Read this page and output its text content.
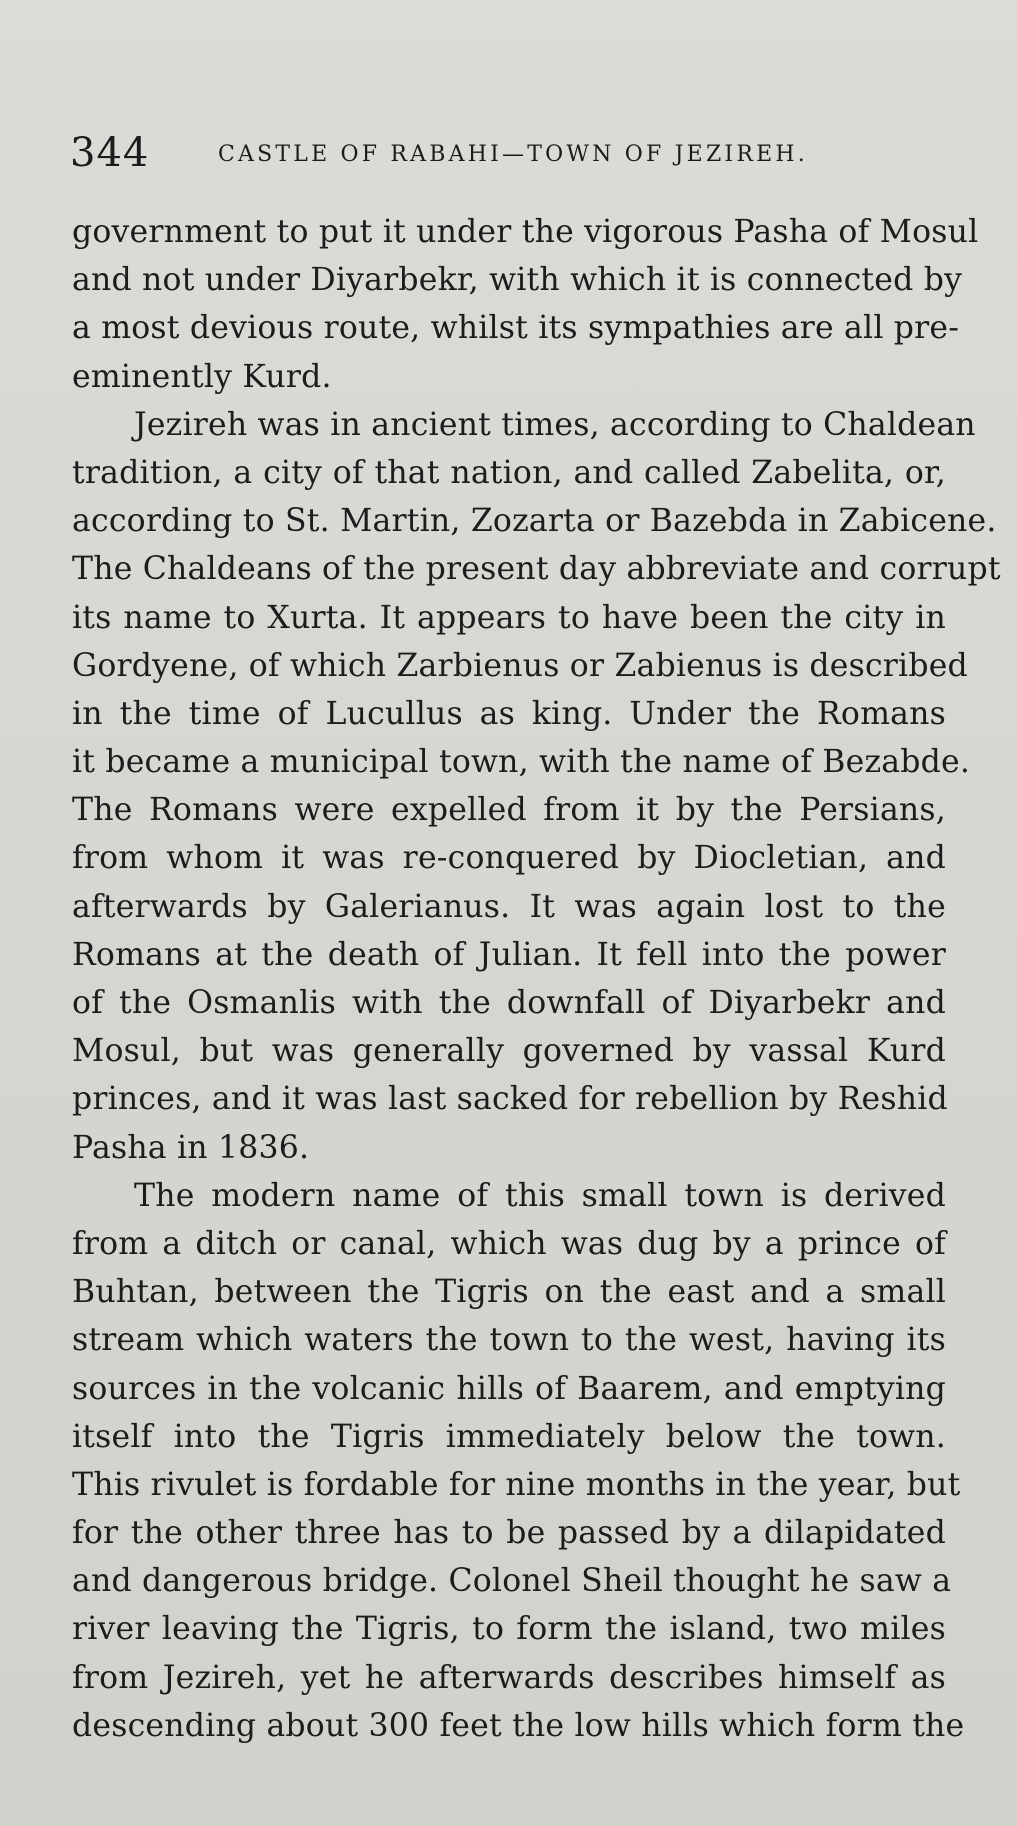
344	CASTLE OF RABAHI—TOWN OF JEZIREH.
government to put it under the vigorous Pasha of Mosul
and not under Diyarbekr, with which it is connected by
a most devious route, whilst its sympathies are all pre-
eminently Kurd.
Jezireh was in ancient times, according to Chaldean
tradition, a city of that nation, and called Zabelita, or,
according to St. Martin, Zozarta or Bazebda in Zabicene.
The Chaldeans of the present day abbreviate and corrupt
its name to Xurta. It appears to have been the city in
Gordyene, of which Zarbienus or Zabienus is described
in the time of Lucullus as king. Under the Romans
it became a municipal town, with the name of Bezabde.
The Romans were expelled from it by the Persians,
from whom it was re-conquered by Diocletian, and
afterwards by Galerianus. It was again lost to the
Romans at the death of Julian. It fell into the power
of the Osmanlis with the downfall of Diyarbekr and
Mosul, but was generally governed by vassal Kurd
princes, and it was last sacked for rebellion by Reshid
Pasha in 1836.
The modern name of this small town is derived
from a ditch or canal, which was dug by a prince of
Buhtan, between the Tigris on the east and a small
stream which waters the town to the west, having its
sources in the volcanic hills of Baarem, and emptying
itself into the Tigris immediately below the town.
This rivulet is fordable for nine months in the year, but
for the other three has to be passed by a dilapidated
and dangerous bridge. Colonel Sheil thought he saw a
river leaving the Tigris, to form the island, two miles
from Jezireh, yet he afterwards describes himself as
descending about 300 feet the low hills which form the
